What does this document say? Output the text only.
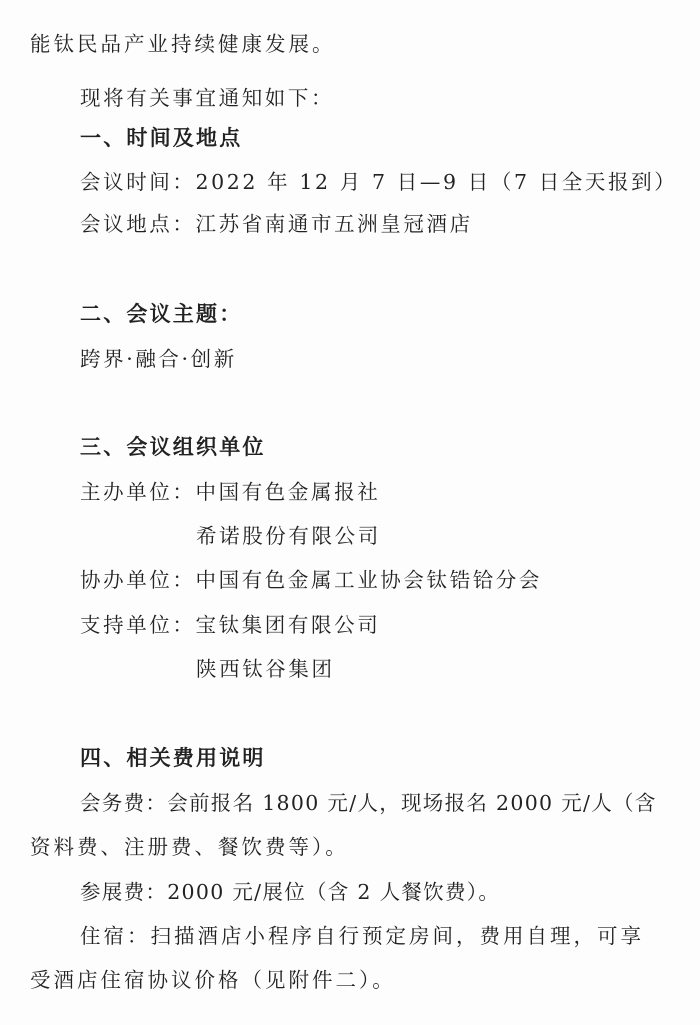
能钛民品产业持续健康发展。
现将有关事宜通知如下：
一、时间及地点
会议时间：2022 年 12 月 7 日—9 日（7 日全天报到）
会议地点：江苏省南通市五洲皇冠酒店
二、会议主题：
跨界·融合·创新
三、会议组织单位
主办单位：中国有色金属报社
希诺股份有限公司
协办单位：中国有色金属工业协会钛锆铪分会
支持单位：宝钛集团有限公司
陕西钛谷集团
四、相关费用说明
会务费：会前报名 1800 元/人，现场报名 2000 元/人（含
资料费、注册费、餐饮费等）。
参展费：2000 元/展位（含 2 人餐饮费）。
住宿：扫描酒店小程序自行预定房间，费用自理，可享
受酒店住宿协议价格（见附件二）。
